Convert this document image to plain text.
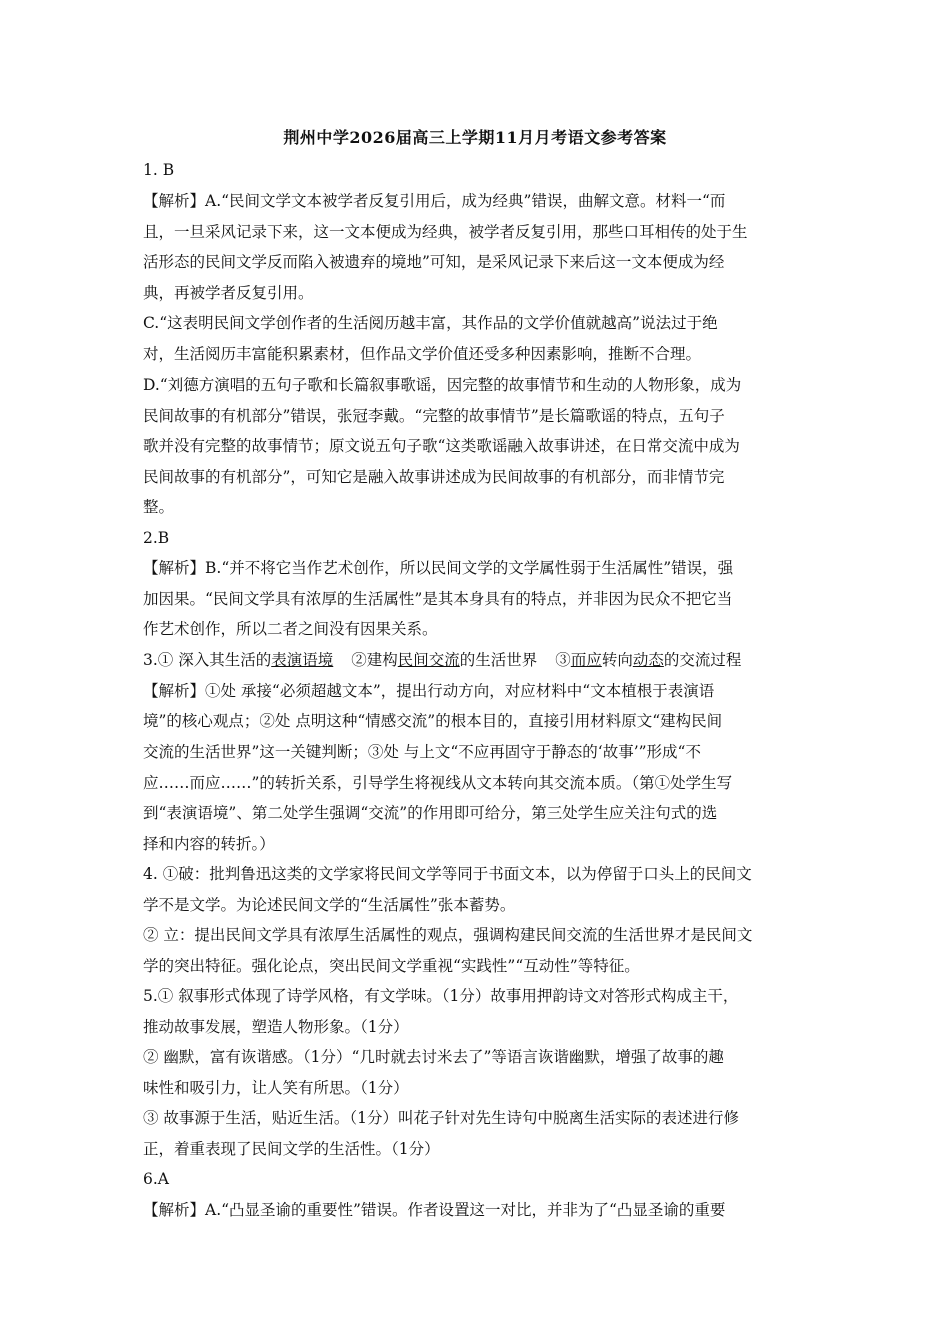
荆州中学2026届高三上学期11月月考语文参考答案
1. B
【解析】A.“民间文学文本被学者反复引用后，成为经典”错误，曲解文意。材料一“而
且，一旦采风记录下来，这一文本便成为经典，被学者反复引用，那些口耳相传的处于生
活形态的民间文学反而陷入被遗弃的境地”可知，是采风记录下来后这一文本便成为经
典，再被学者反复引用。
C.“这表明民间文学创作者的生活阅历越丰富，其作品的文学价值就越高”说法过于绝
对，生活阅历丰富能积累素材，但作品文学价值还受多种因素影响，推断不合理。
D.“刘德方演唱的五句子歌和长篇叙事歌谣，因完整的故事情节和生动的人物形象，成为
民间故事的有机部分”错误，张冠李戴。“完整的故事情节”是长篇歌谣的特点，五句子
歌并没有完整的故事情节；原文说五句子歌“这类歌谣融入故事讲述，在日常交流中成为
民间故事的有机部分”，可知它是融入故事讲述成为民间故事的有机部分，而非情节完
整。
2.B
【解析】B.“并不将它当作艺术创作，所以民间文学的文学属性弱于生活属性”错误，强
加因果。“民间文学具有浓厚的生活属性”是其本身具有的特点，并非因为民众不把它当
作艺术创作，所以二者之间没有因果关系。
3.① 深入其生活的表演语境 ②建构民间交流的生活世界 ③而应转向动态的交流过程
【解析】①处 承接“必须超越文本”，提出行动方向，对应材料中“文本植根于表演语
境”的核心观点；②处 点明这种“情感交流”的根本目的，直接引用材料原文“建构民间
交流的生活世界”这一关键判断；③处 与上文“不应再固守于静态的‘故事’”形成“不
应……而应……”的转折关系，引导学生将视线从文本转向其交流本质。（第①处学生写
到“表演语境”、第二处学生强调“交流”的作用即可给分，第三处学生应关注句式的选
择和内容的转折。）
4. ①破：批判鲁迅这类的文学家将民间文学等同于书面文本，以为停留于口头上的民间文
学不是文学。为论述民间文学的“生活属性”张本蓄势。
② 立：提出民间文学具有浓厚生活属性的观点，强调构建民间交流的生活世界才是民间文
学的突出特征。强化论点，突出民间文学重视“实践性”“互动性”等特征。
5.① 叙事形式体现了诗学风格，有文学味。（1分）故事用押韵诗文对答形式构成主干，
推动故事发展，塑造人物形象。（1分）
② 幽默，富有诙谐感。（1分）“几时就去讨米去了”等语言诙谐幽默，增强了故事的趣
味性和吸引力，让人笑有所思。（1分）
③ 故事源于生活，贴近生活。（1分）叫花子针对先生诗句中脱离生活实际的表述进行修
正，着重表现了民间文学的生活性。（1分）
6.A
【解析】A.“凸显圣谕的重要性”错误。作者设置这一对比，并非为了“凸显圣谕的重要
